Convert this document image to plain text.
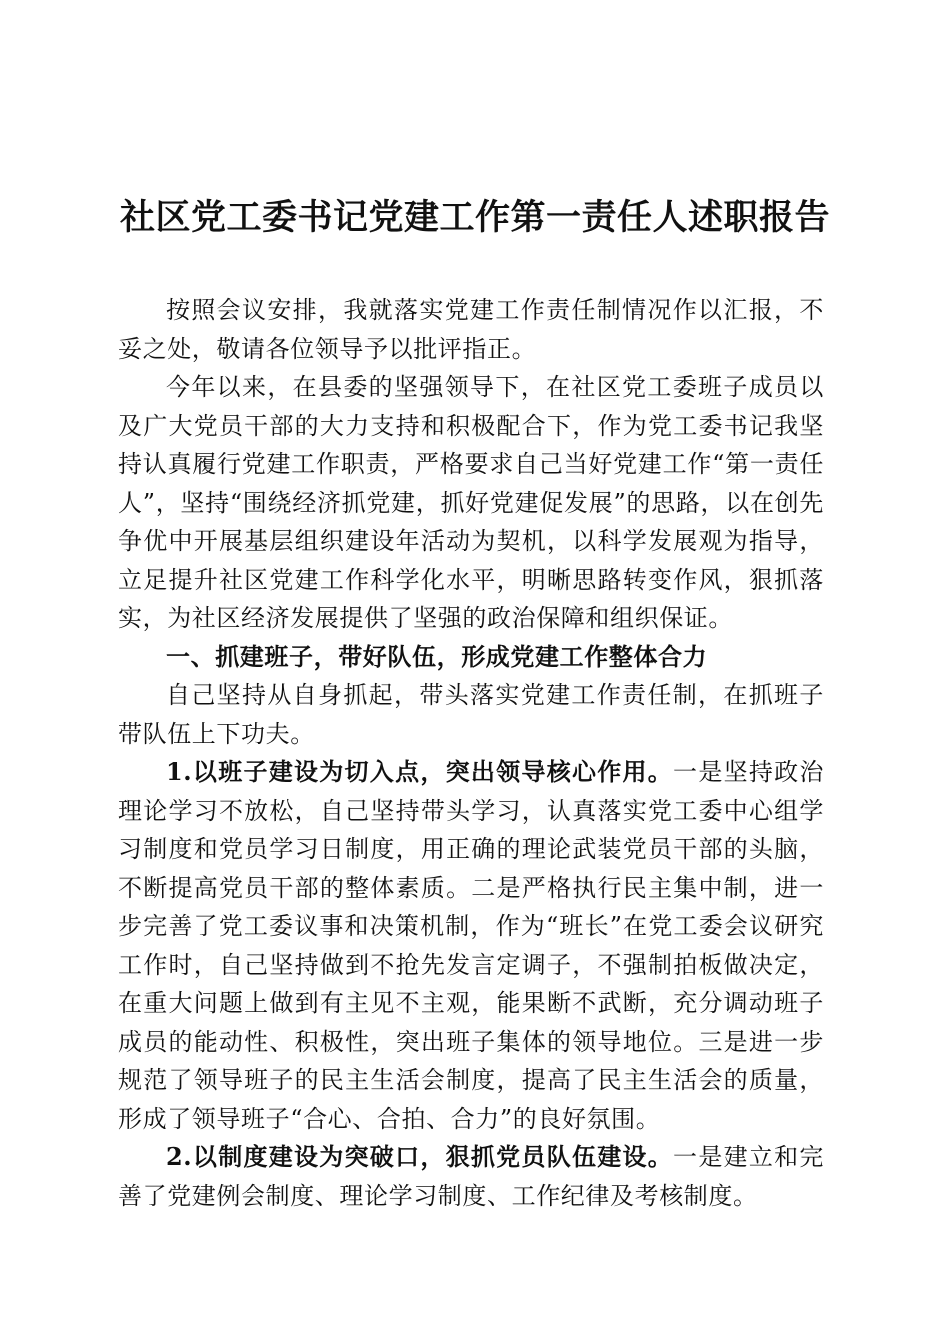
社区党工委书记党建工作第一责任人述职报告

按照会议安排，我就落实党建工作责任制情况作以汇报，不妥之处，敬请各位领导予以批评指正。

今年以来，在县委的坚强领导下，在社区党工委班子成员以及广大党员干部的大力支持和积极配合下，作为党工委书记我坚持认真履行党建工作职责，严格要求自己当好党建工作“第一责任人”，坚持“围绕经济抓党建，抓好党建促发展”的思路，以在创先争优中开展基层组织建设年活动为契机，以科学发展观为指导，立足提升社区党建工作科学化水平，明晰思路转变作风，狠抓落实，为社区经济发展提供了坚强的政治保障和组织保证。

一、抓建班子，带好队伍，形成党建工作整体合力

自己坚持从自身抓起，带头落实党建工作责任制，在抓班子带队伍上下功夫。

1.以班子建设为切入点，突出领导核心作用。一是坚持政治理论学习不放松，自己坚持带头学习，认真落实党工委中心组学习制度和党员学习日制度，用正确的理论武装党员干部的头脑，不断提高党员干部的整体素质。二是严格执行民主集中制，进一步完善了党工委议事和决策机制，作为“班长”在党工委会议研究工作时，自己坚持做到不抢先发言定调子，不强制拍板做决定，在重大问题上做到有主见不主观，能果断不武断，充分调动班子成员的能动性、积极性，突出班子集体的领导地位。三是进一步规范了领导班子的民主生活会制度，提高了民主生活会的质量，形成了领导班子“合心、合拍、合力”的良好氛围。

2.以制度建设为突破口，狠抓党员队伍建设。一是建立和完善了党建例会制度、理论学习制度、工作纪律及考核制度。
